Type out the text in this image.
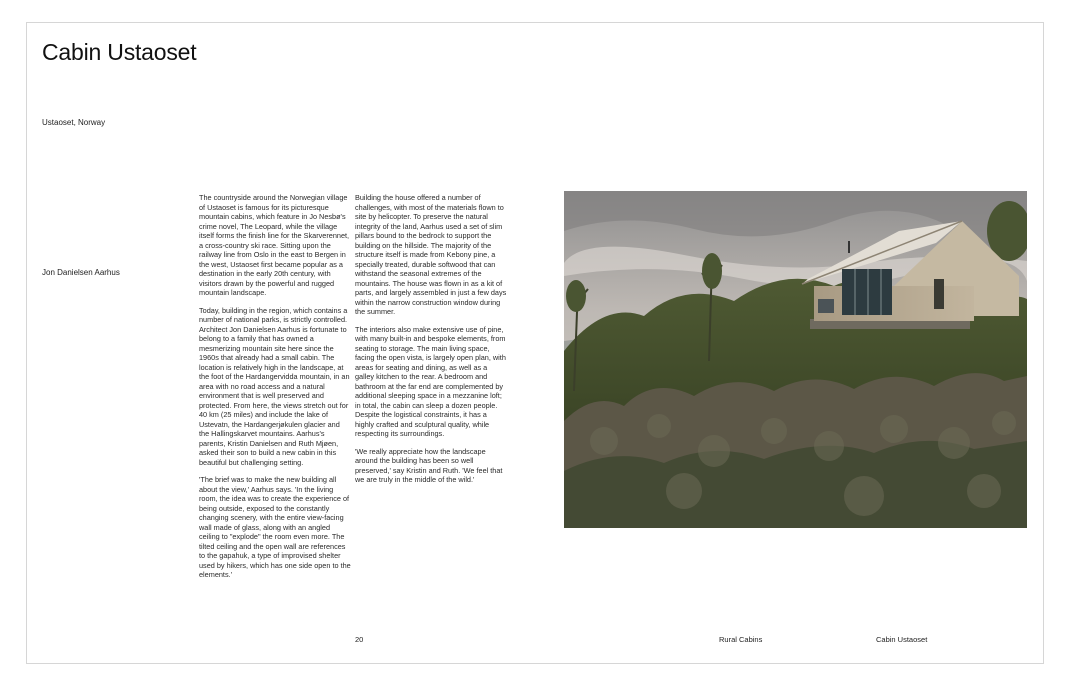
Cabin Ustaoset
Ustaoset, Norway
Jon Danielsen Aarhus

The countryside around the Norwegian village of Ustaoset is famous for its picturesque mountain cabins, which feature in Jo Nesbø's crime novel, The Leopard, while the village itself forms the finish line for the Skarverennet, a cross-country ski race. Sitting upon the railway line from Oslo in the east to Bergen in the west, Ustaoset first became popular as a destination in the early 20th century, with visitors drawn by the powerful and rugged mountain landscape.

Today, building in the region, which contains a number of national parks, is strictly controlled. Architect Jon Danielsen Aarhus is fortunate to belong to a family that has owned a mesmerizing mountain site here since the 1960s that already had a small cabin. The location is relatively high in the landscape, at the foot of the Hardangervidda mountain, in an area with no road access and a natural environment that is well preserved and protected. From here, the views stretch out for 40 km (25 miles) and include the lake of Ustevatn, the Hardangerjøkulen glacier and the Hallingskarvet mountains. Aarhus's parents, Kristin Danielsen and Ruth Mjøen, asked their son to build a new cabin in this beautiful but challenging setting.

'The brief was to make the new building all about the view,' Aarhus says. 'In the living room, the idea was to create the experience of being outside, exposed to the constantly changing scenery, with the entire view-facing wall made of glass, along with an angled ceiling to "explode" the room even more. The tilted ceiling and the open wall are references to the gapahuk, a type of improvised shelter used by hikers, which has one side open to the elements.'

Building the house offered a number of challenges, with most of the materials flown to site by helicopter. To preserve the natural integrity of the land, Aarhus used a set of slim pillars bound to the bedrock to support the building on the hillside. The majority of the structure itself is made from Kebony pine, a specially treated, durable softwood that can withstand the seasonal extremes of the mountains. The house was flown in as a kit of parts, and largely assembled in just a few days within the narrow construction window during the summer.

The interiors also make extensive use of pine, with many built-in and bespoke elements, from seating to storage. The main living space, facing the open vista, is largely open plan, with areas for seating and dining, as well as a galley kitchen to the rear. A bedroom and bathroom at the far end are complemented by additional sleeping space in a mezzanine loft; in total, the cabin can sleep a dozen people. Despite the logistical constraints, it has a highly crafted and sculptural quality, while respecting its surroundings.

'We really appreciate how the landscape around the building has been so well preserved,' say Kristin and Ruth. 'We feel that we are truly in the middle of the wild.'

20	Rural Cabins	Cabin Ustaoset
